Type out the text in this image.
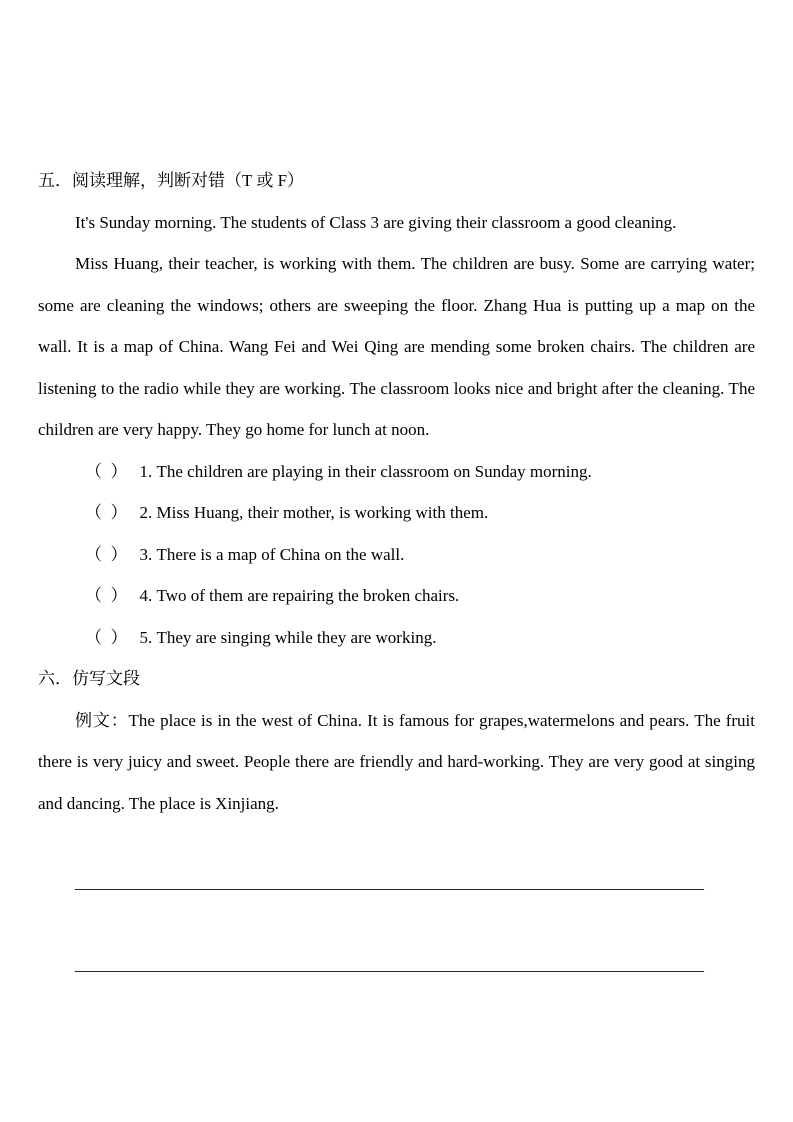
五．阅读理解，判断对错（T 或 F）

It's Sunday morning. The students of Class 3 are giving their classroom a good cleaning.

Miss Huang, their teacher, is working with them. The children are busy. Some are carrying water; some are cleaning the windows; others are sweeping the floor. Zhang Hua is putting up a map on the wall. It is a map of China. Wang Fei and Wei Qing are mending some broken chairs. The children are listening to the radio while they are working. The classroom looks nice and bright after the cleaning. The children are very happy. They go home for lunch at noon.

（  ） 1. The children are playing in their classroom on Sunday morning.
（  ） 2. Miss Huang, their mother, is working with them.
（  ） 3. There is a map of China on the wall.
（  ） 4. Two of them are repairing the broken chairs.
（  ） 5. They are singing while they are working.
六．仿写文段

例文：The place is in the west of China. It is famous for grapes,watermelons and pears. The fruit there is very juicy and sweet. People there are friendly and hard-working. They are very good at singing and dancing. The place is Xinjiang.

__________________________________________________________________________
__________________________________________________________________________
